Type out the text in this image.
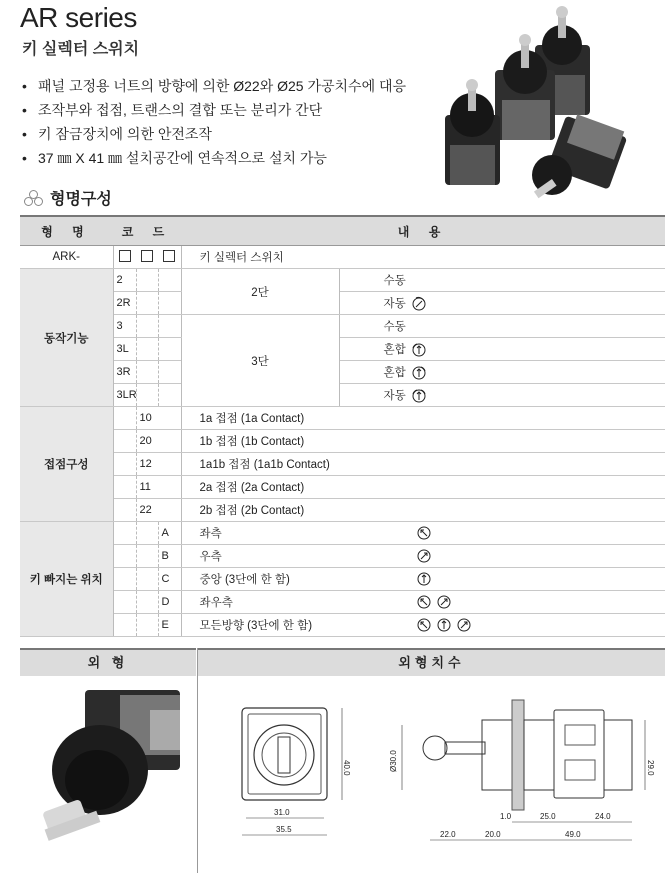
AR series
키 실렉터 스위치
• 패널 고정용 너트의 방향에 의한 Ø22와 Ø25 가공치수에 대응
• 조작부와 접점, 트랜스의 결합 또는 분리가 간단
• 키 잠금장치에 의한 안전조작
• 37 ㎜ X 41 ㎜ 설치공간에 연속적으로 설치 가능
형명구성
형 명	코 드			내 용	
ARK-				키 실렉터 스위치	
동작기능	2			2단	수동
	2R				자동
	3			3단	수동
	3L				혼합
	3R				혼합
	3LR				자동
접점구성		10		1a 접점 (1a Contact)	
		20		1b 접점 (1b Contact)	
		12		1a1b 접점 (1a1b Contact)	
		11		2a 접점 (2a Contact)	
		22		2b 접점 (2b Contact)	
키 빠지는 위치			A	좌측	
			B	우측	
			C	중앙 (3단에 한 함)	
			D	좌우측	
			E	모든방향 (3단에 한 함)	
외 형	외형치수
40.0
31.0
35.5
Ø30.0	29.0
1.0	25.0	24.0
22.0	20.0	49.0
